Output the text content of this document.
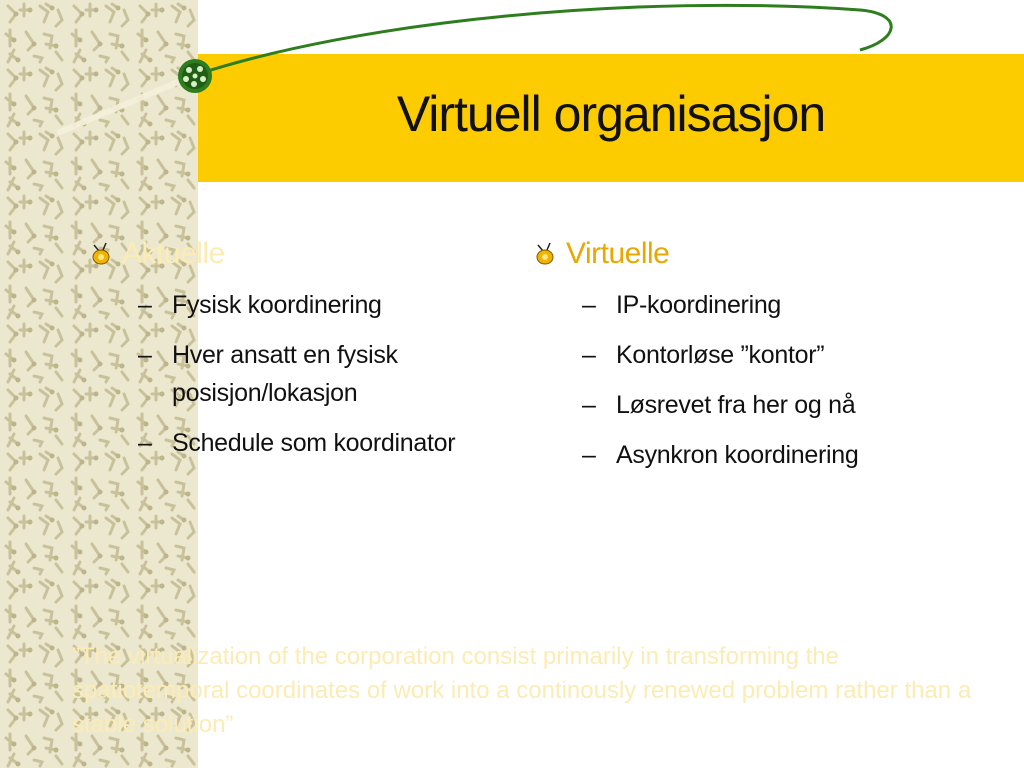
Virtuell organisasjon
Aktuelle
– Fysisk koordinering
– Hver ansatt en fysisk posisjon/lokasjon
– Schedule som koordinator
Virtuelle
– IP-koordinering
– Kontorløse ”kontor”
– Løsrevet fra her og nå
– Asynkron koordinering

”The virtualization of the corporation consist primarily in transforming the spatiotemporal coordinates of work into a continously renewed problem rather than a stable solution”
